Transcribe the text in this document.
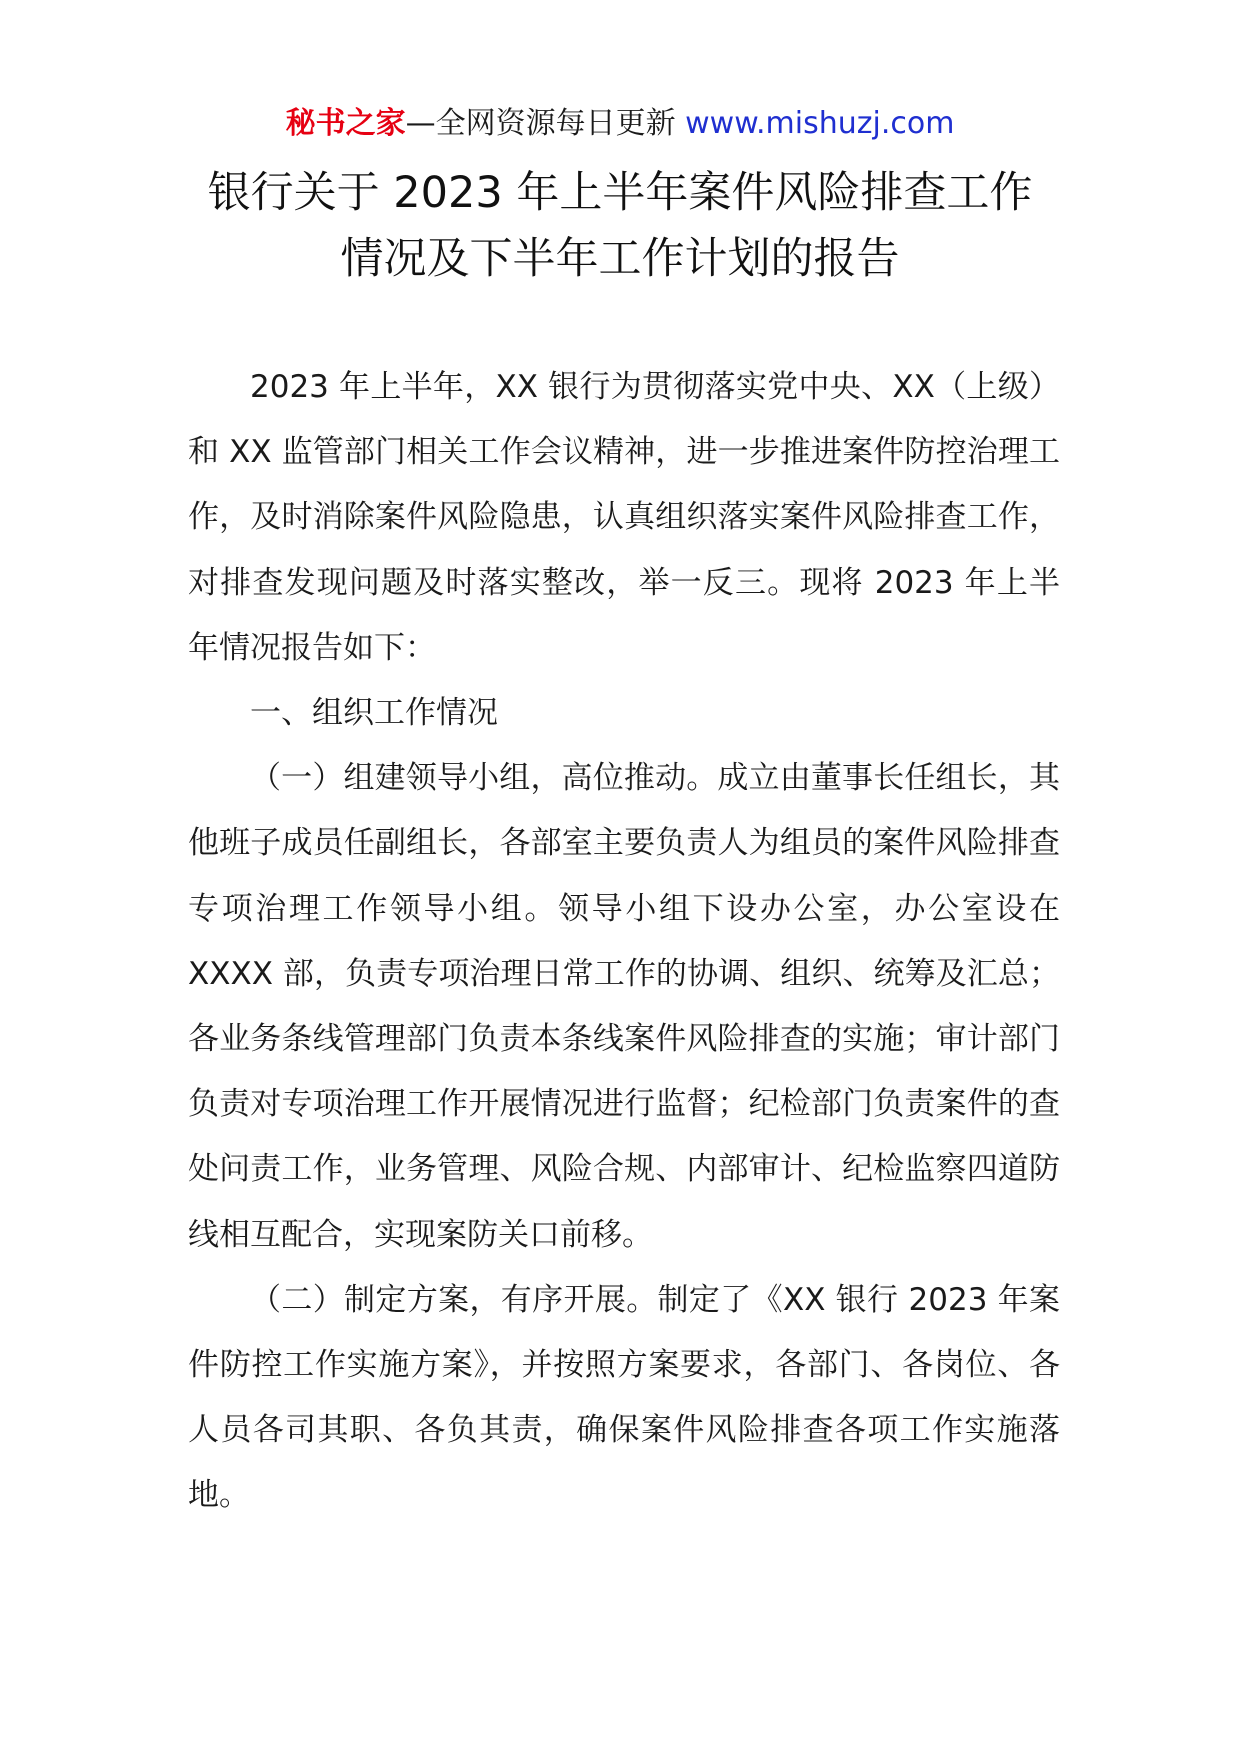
秘书之家—全网资源每日更新 www.mishuzj.com
银行关于 2023 年上半年案件风险排查工作
情况及下半年工作计划的报告

2023 年上半年，XX 银行为贯彻落实党中央、XX（上级）和 XX 监管部门相关工作会议精神，进一步推进案件防控治理工作，及时消除案件风险隐患，认真组织落实案件风险排查工作，对排查发现问题及时落实整改，举一反三。现将 2023 年上半年情况报告如下：

一、组织工作情况

（一）组建领导小组，高位推动。成立由董事长任组长，其他班子成员任副组长，各部室主要负责人为组员的案件风险排查专项治理工作领导小组。领导小组下设办公室，办公室设在 XXXX 部，负责专项治理日常工作的协调、组织、统筹及汇总；各业务条线管理部门负责本条线案件风险排查的实施；审计部门负责对专项治理工作开展情况进行监督；纪检部门负责案件的查处问责工作，业务管理、风险合规、内部审计、纪检监察四道防线相互配合，实现案防关口前移。

（二）制定方案，有序开展。制定了《XX 银行 2023 年案件防控工作实施方案》，并按照方案要求，各部门、各岗位、各人员各司其职、各负其责，确保案件风险排查各项工作实施落地。
